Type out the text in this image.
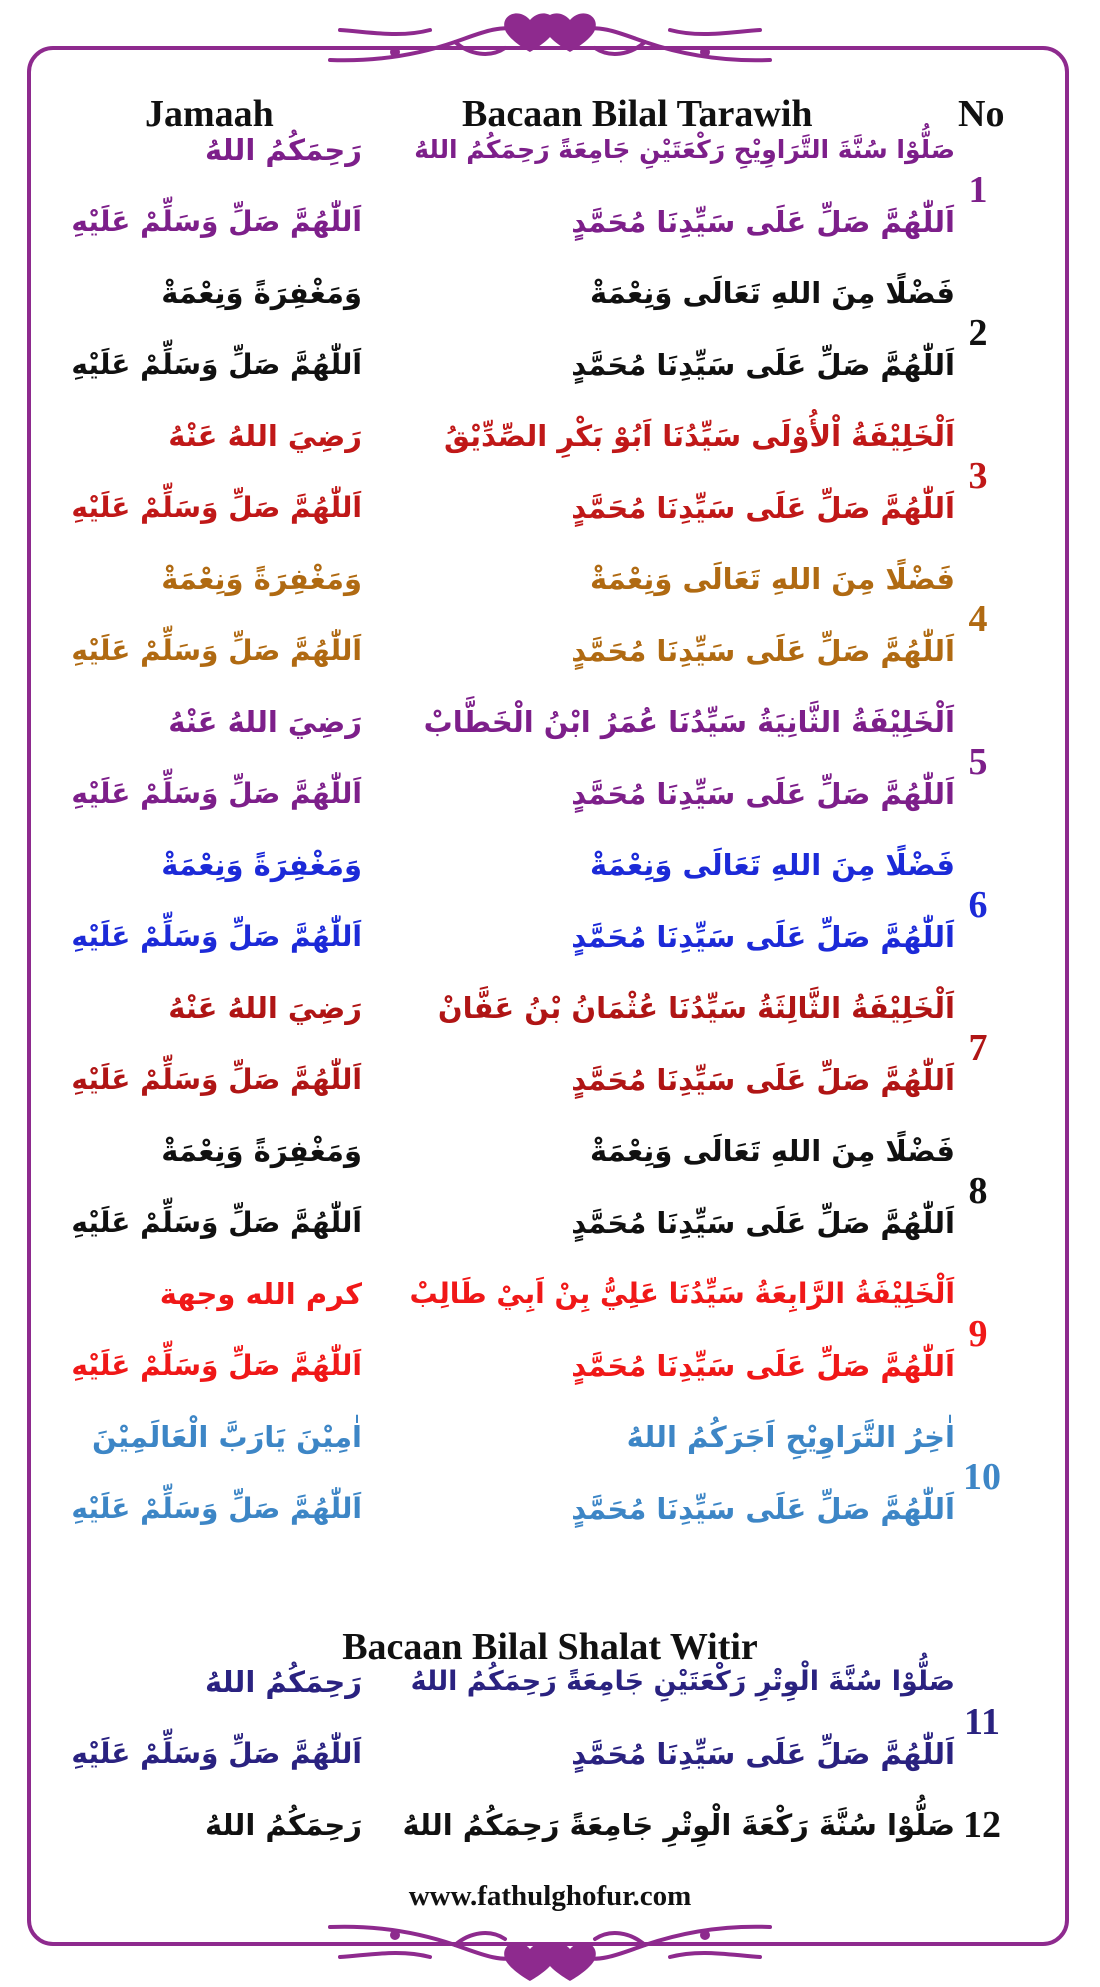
Jamaah	Bacaan Bilal Tarawih	No
Bacaan Bilal Shalat Witir
1
صَلُّوْا سُنَّةَ التَّرَاوِيْحِ رَكْعَتَيْنِ جَامِعَةً رَحِمَكُمُ اللهُ
اَللّٰهُمَّ صَلِّ عَلَى سَيِّدِنَا مُحَمَّدٍ
رَحِمَكُمُ اللهُ
اَللّٰهُمَّ صَلِّ وَسَلِّمْ عَلَيْهِ
2
فَضْلًا مِنَ اللهِ تَعَالَى وَنِعْمَةْ
اَللّٰهُمَّ صَلِّ عَلَى سَيِّدِنَا مُحَمَّدٍ
وَمَغْفِرَةً وَنِعْمَةْ
اَللّٰهُمَّ صَلِّ وَسَلِّمْ عَلَيْهِ
3
اَلْخَلِيْفَةُ اْلأُوْلَى سَيِّدُنَا اَبُوْ بَكْرِ الصِّدِّيْقُ
اَللّٰهُمَّ صَلِّ عَلَى سَيِّدِنَا مُحَمَّدٍ
رَضِيَ اللهُ عَنْهُ
اَللّٰهُمَّ صَلِّ وَسَلِّمْ عَلَيْهِ
4
فَضْلًا مِنَ اللهِ تَعَالَى وَنِعْمَةْ
اَللّٰهُمَّ صَلِّ عَلَى سَيِّدِنَا مُحَمَّدٍ
وَمَغْفِرَةً وَنِعْمَةْ
اَللّٰهُمَّ صَلِّ وَسَلِّمْ عَلَيْهِ
5
اَلْخَلِيْفَةُ الثَّانِيَةُ سَيِّدُنَا عُمَرُ ابْنُ الْخَطَّابْ
اَللّٰهُمَّ صَلِّ عَلَى سَيِّدِنَا مُحَمَّدٍ
رَضِيَ اللهُ عَنْهُ
اَللّٰهُمَّ صَلِّ وَسَلِّمْ عَلَيْهِ
6
فَضْلًا مِنَ اللهِ تَعَالَى وَنِعْمَةْ
اَللّٰهُمَّ صَلِّ عَلَى سَيِّدِنَا مُحَمَّدٍ
وَمَغْفِرَةً وَنِعْمَةْ
اَللّٰهُمَّ صَلِّ وَسَلِّمْ عَلَيْهِ
7
اَلْخَلِيْفَةُ الثَّالِثَةُ سَيِّدُنَا عُثْمَانُ بْنُ عَفَّانْ
اَللّٰهُمَّ صَلِّ عَلَى سَيِّدِنَا مُحَمَّدٍ
رَضِيَ اللهُ عَنْهُ
اَللّٰهُمَّ صَلِّ وَسَلِّمْ عَلَيْهِ
8
فَضْلًا مِنَ اللهِ تَعَالَى وَنِعْمَةْ
اَللّٰهُمَّ صَلِّ عَلَى سَيِّدِنَا مُحَمَّدٍ
وَمَغْفِرَةً وَنِعْمَةْ
اَللّٰهُمَّ صَلِّ وَسَلِّمْ عَلَيْهِ
9
اَلْخَلِيْفَةُ الرَّابِعَةُ سَيِّدُنَا عَلِيُّ بِنْ اَبِيْ طَالِبْ
اَللّٰهُمَّ صَلِّ عَلَى سَيِّدِنَا مُحَمَّدٍ
كرم الله وجهة
اَللّٰهُمَّ صَلِّ وَسَلِّمْ عَلَيْهِ
10
اٰخِرُ التَّرَاوِيْحِ اَجَرَكُمُ اللهُ
اَللّٰهُمَّ صَلِّ عَلَى سَيِّدِنَا مُحَمَّدٍ
اٰمِيْنَ يَارَبَّ الْعَالَمِيْنَ
اَللّٰهُمَّ صَلِّ وَسَلِّمْ عَلَيْهِ
11
صَلُّوْا سُنَّةَ الْوِتْرِ رَكْعَتَيْنِ جَامِعَةً رَحِمَكُمُ اللهُ
اَللّٰهُمَّ صَلِّ عَلَى سَيِّدِنَا مُحَمَّدٍ
رَحِمَكُمُ اللهُ
اَللّٰهُمَّ صَلِّ وَسَلِّمْ عَلَيْهِ
12
صَلُّوْا سُنَّةَ رَكْعَةَ الْوِتْرِ جَامِعَةً رَحِمَكُمُ اللهُ
رَحِمَكُمُ اللهُ
www.fathulghofur.com
